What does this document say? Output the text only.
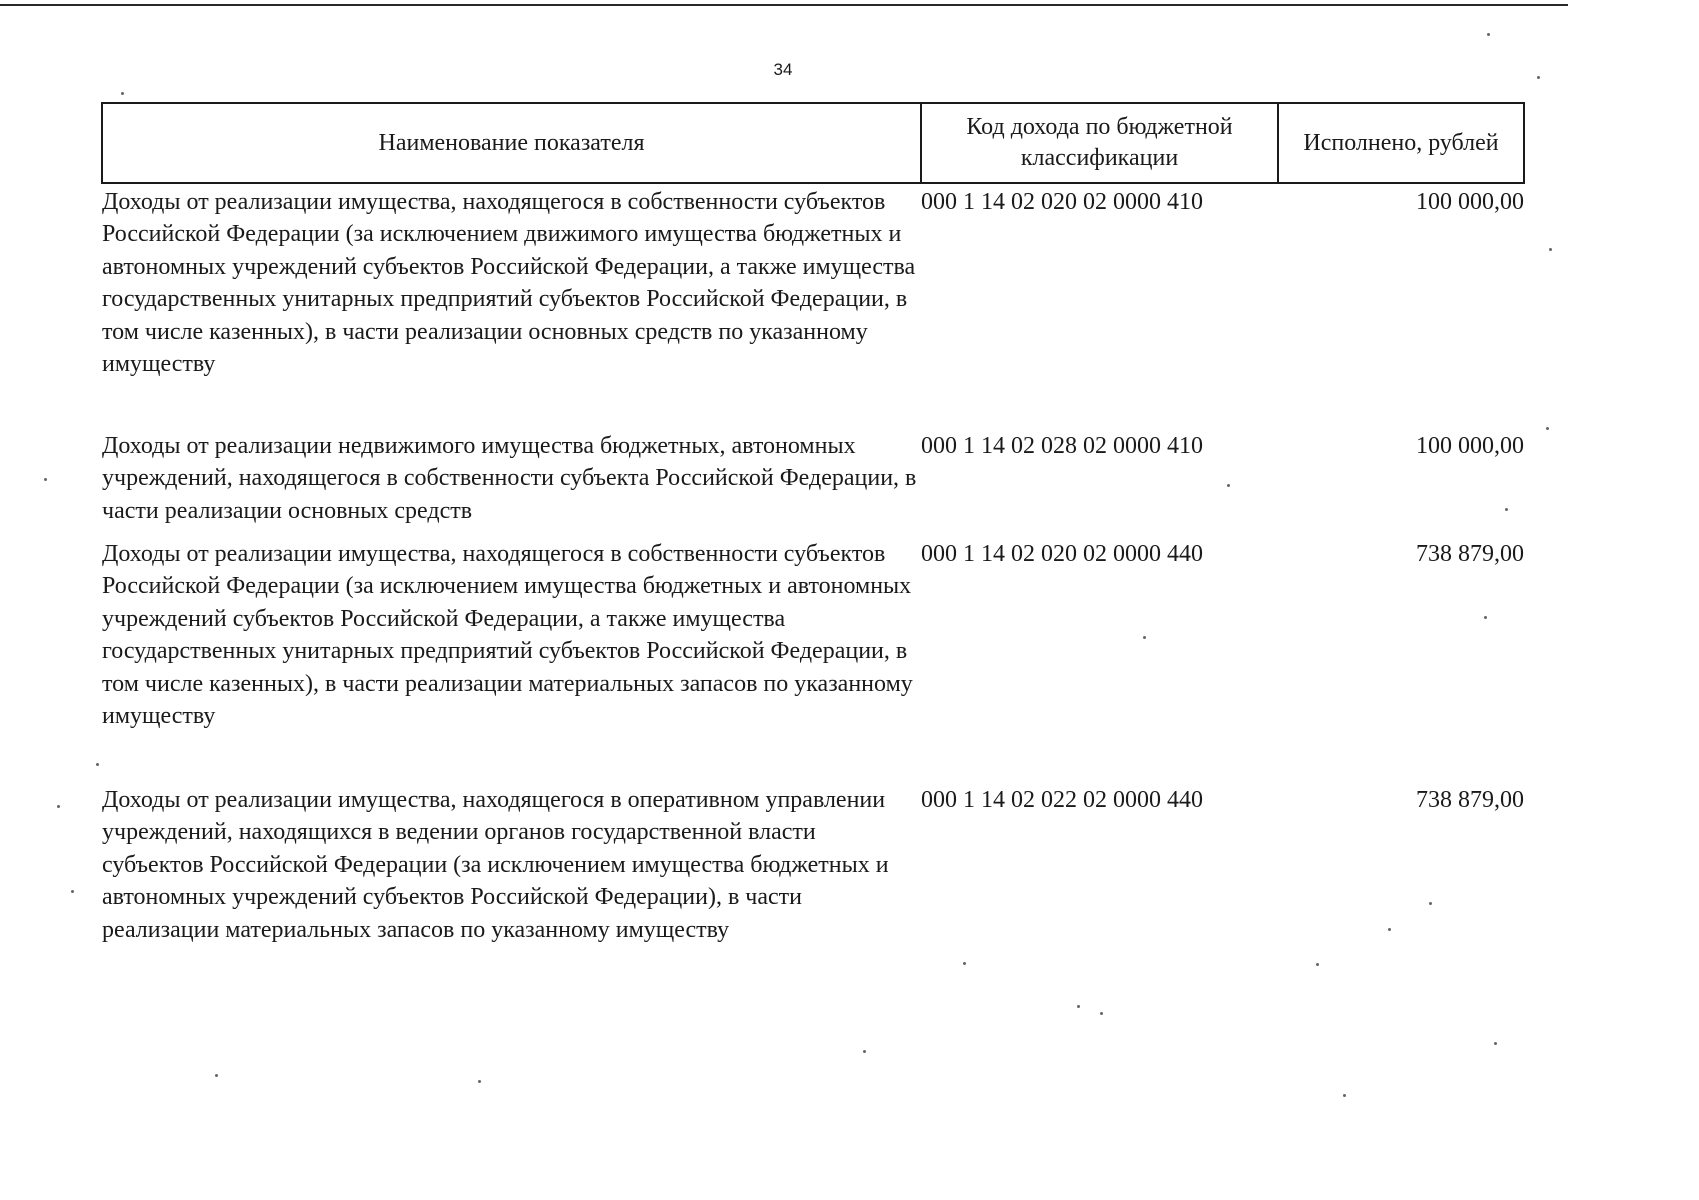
34
Наименование показателя	Код дохода по бюджетной классификации	Исполнено, рублей
Доходы от реализации имущества, находящегося в собственности субъектов Российской Федерации (за исключением движимого имущества бюджетных и автономных учреждений субъектов Российской Федерации, а также имущества государственных унитарных предприятий субъектов Российской Федерации, в том числе казенных), в части реализации основных средств по указанному имуществу	000 1 14 02 020 02 0000 410	100 000,00
Доходы от реализации недвижимого имущества бюджетных, автономных учреждений, находящегося в собственности субъекта Российской Федерации, в части реализации основных средств	000 1 14 02 028 02 0000 410	100 000,00
Доходы от реализации имущества, находящегося в собственности субъектов Российской Федерации (за исключением имущества бюджетных и автономных учреждений субъектов Российской Федерации, а также имущества государственных унитарных предприятий субъектов Российской Федерации, в том числе казенных), в части реализации материальных запасов по указанному имуществу	000 1 14 02 020 02 0000 440	738 879,00
Доходы от реализации имущества, находящегося в оперативном управлении учреждений, находящихся в ведении органов государственной власти субъектов Российской Федерации (за исключением имущества бюджетных и автономных учреждений субъектов Российской Федерации), в части реализации материальных запасов по указанному имуществу	000 1 14 02 022 02 0000 440	738 879,00
